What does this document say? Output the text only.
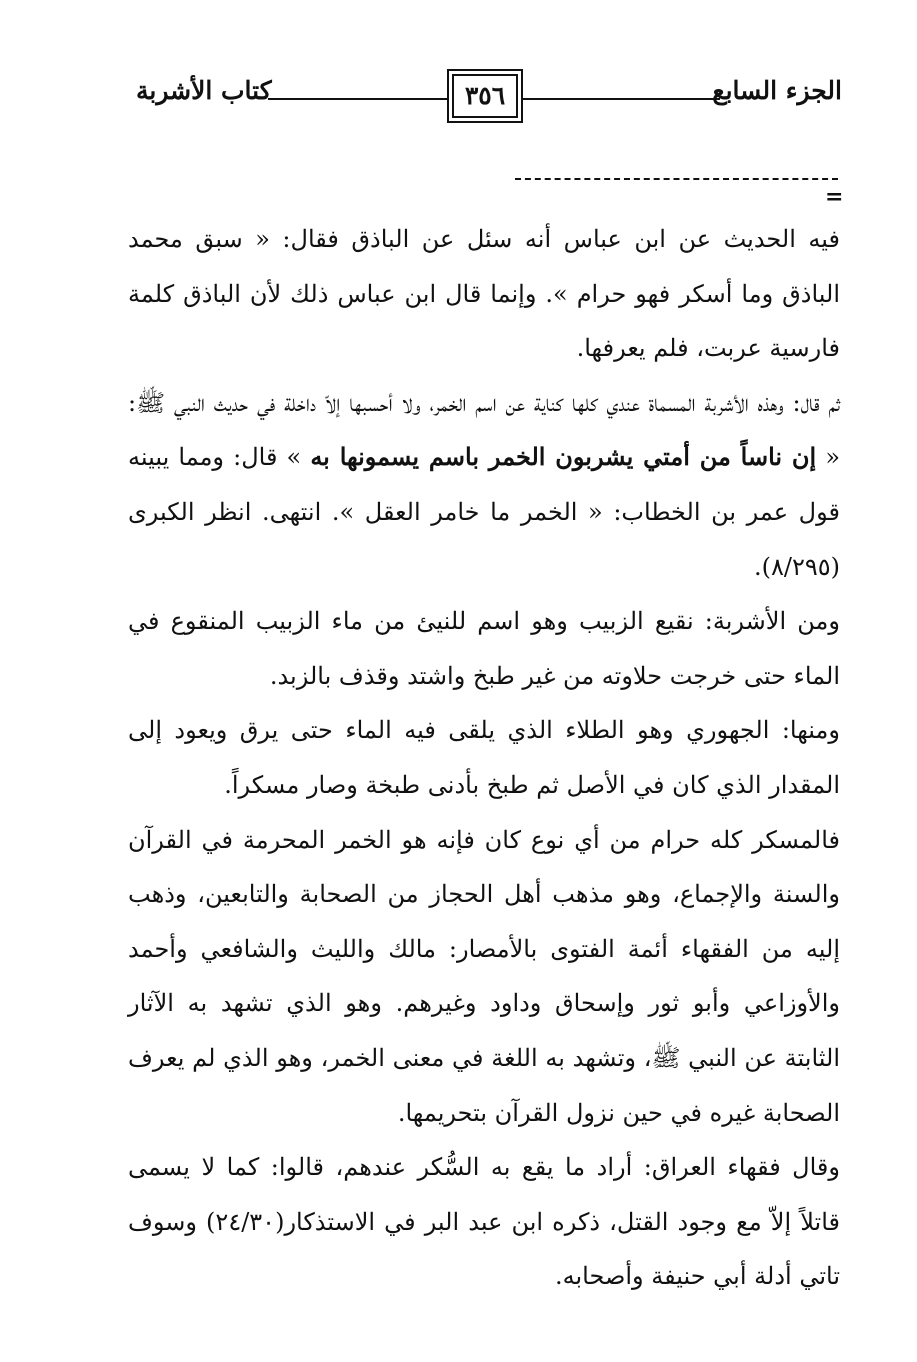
الجزء السابع
٣٥٦
كتاب الأشربة
=

فيه الحديث عن ابن عباس أنه سئل عن الباذق فقال: « سبق محمد الباذق وما أسكر فهو حرام ». وإنما قال ابن عباس ذلك لأن الباذق كلمة فارسية عربت، فلم يعرفها.

ثم قال: وهذه الأشربة المسماة عندي كلها كناية عن اسم الخمر، ولا أحسبها إلاّ داخلة في حديث النبي ﷺ: « إن ناساً من أمتي يشربون الخمر باسم يسمونها به » قال: ومما يبينه قول عمر بن الخطاب: « الخمر ما خامر العقل ». انتهى. انظر الكبرى (٨/٢٩٥).

ومن الأشربة: نقيع الزبيب وهو اسم للنيئ من ماء الزبيب المنقوع في الماء حتى خرجت حلاوته من غير طبخ واشتد وقذف بالزبد.

ومنها: الجهوري وهو الطلاء الذي يلقى فيه الماء حتى يرق ويعود إلى المقدار الذي كان في الأصل ثم طبخ بأدنى طبخة وصار مسكراً.

فالمسكر كله حرام من أي نوع كان فإنه هو الخمر المحرمة في القرآن والسنة والإجماع، وهو مذهب أهل الحجاز من الصحابة والتابعين، وذهب إليه من الفقهاء أئمة الفتوى بالأمصار: مالك والليث والشافعي وأحمد والأوزاعي وأبو ثور وإسحاق وداود وغيرهم. وهو الذي تشهد به الآثار الثابتة عن النبي ﷺ، وتشهد به اللغة في معنى الخمر، وهو الذي لم يعرف الصحابة غيره في حين نزول القرآن بتحريمها.

وقال فقهاء العراق: أراد ما يقع به السُّكر عندهم، قالوا: كما لا يسمى قاتلاً إلاّ مع وجود القتل، ذكره ابن عبد البر في الاستذكار(٢٤/٣٠) وسوف تاتي أدلة أبي حنيفة وأصحابه.
